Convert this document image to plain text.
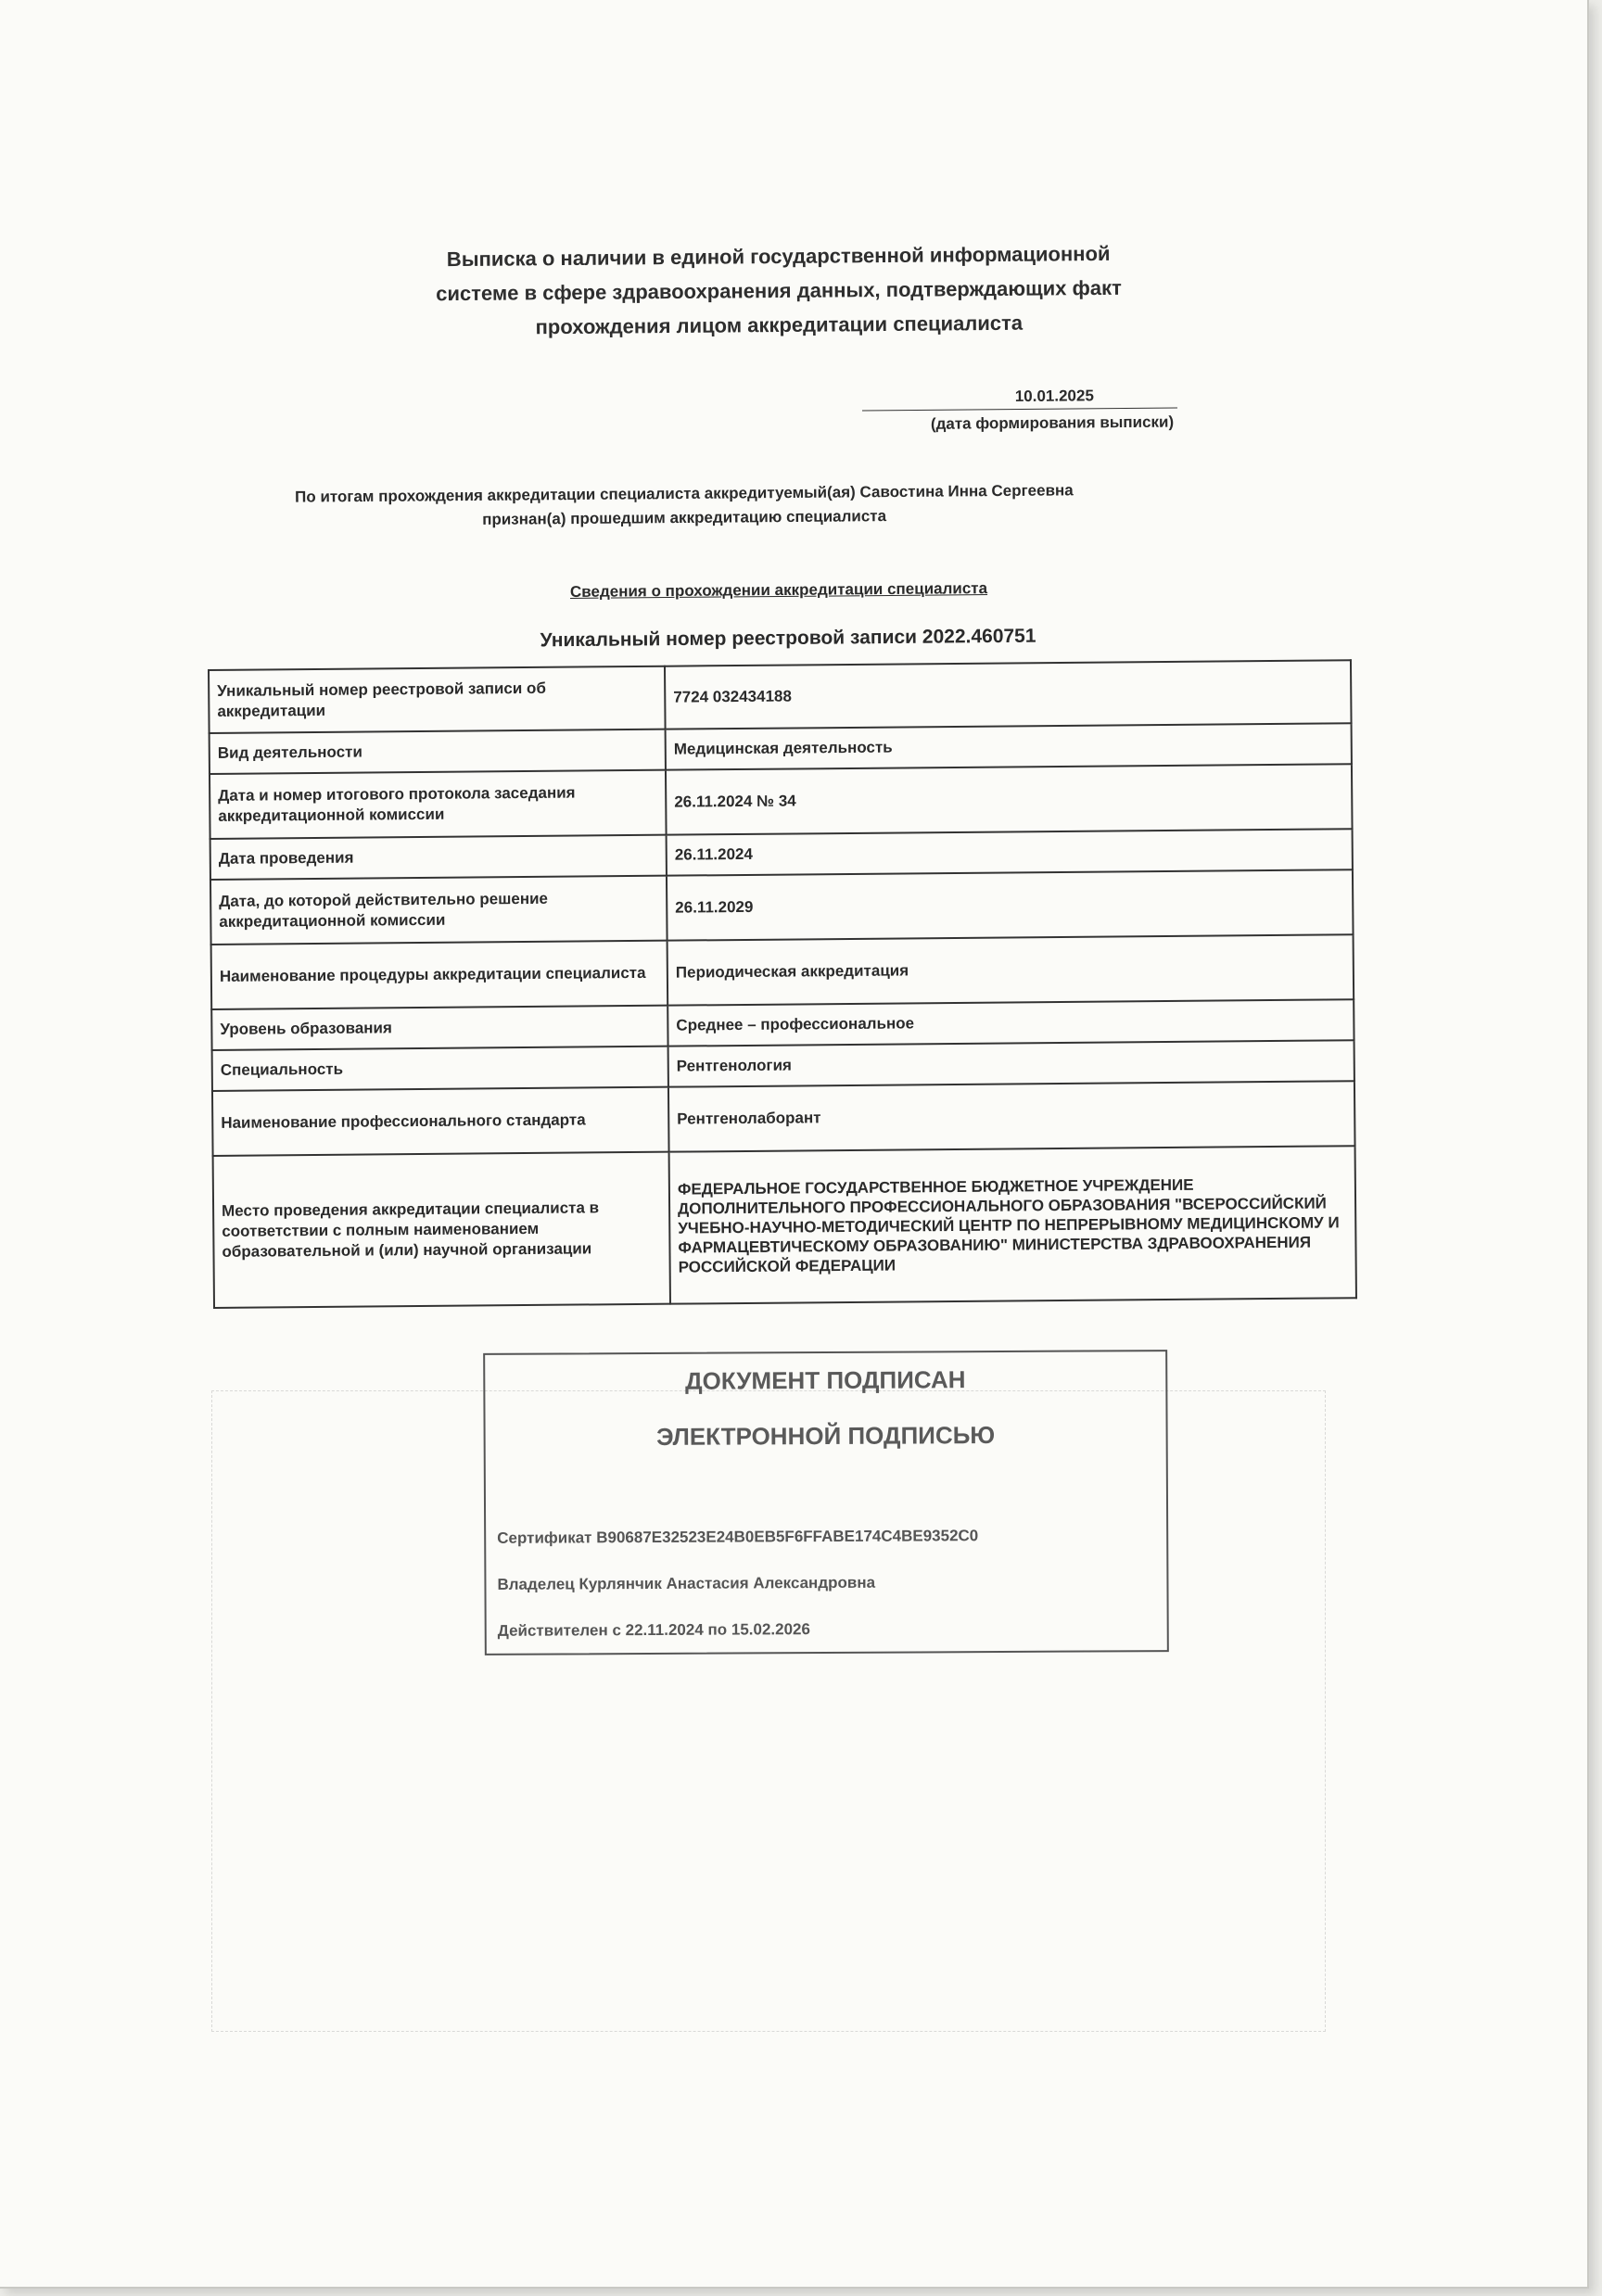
Выписка о наличии в единой государственной информационной
системе в сфере здравоохранения данных, подтверждающих факт
прохождения лицом аккредитации специалиста
10.01.2025
(дата формирования выписки)
По итогам прохождения аккредитации специалиста аккредитуемый(ая) Савостина Инна Сергеевна
признан(а) прошедшим аккредитацию специалиста
Сведения о прохождении аккредитации специалиста
Уникальный номер реестровой записи 2022.460751
Уникальный номер реестровой записи об аккредитации	7724 032434188
Вид деятельности	Медицинская деятельность
Дата и номер итогового протокола заседания аккредитационной комиссии	26.11.2024 № 34
Дата проведения	26.11.2024
Дата, до которой действительно решение аккредитационной комиссии	26.11.2029
Наименование процедуры аккредитации специалиста	Периодическая аккредитация
Уровень образования	Среднее – профессиональное
Специальность	Рентгенология
Наименование профессионального стандарта	Рентгенолаборант
Место проведения аккредитации специалиста в соответствии с полным наименованием образовательной и (или) научной организации	ФЕДЕРАЛЬНОЕ ГОСУДАРСТВЕННОЕ БЮДЖЕТНОЕ УЧРЕЖДЕНИЕ ДОПОЛНИТЕЛЬНОГО ПРОФЕССИОНАЛЬНОГО ОБРАЗОВАНИЯ "ВСЕРОССИЙСКИЙ УЧЕБНО-НАУЧНО-МЕТОДИЧЕСКИЙ ЦЕНТР ПО НЕПРЕРЫВНОМУ МЕДИЦИНСКОМУ И ФАРМАЦЕВТИЧЕСКОМУ ОБРАЗОВАНИЮ" МИНИСТЕРСТВА ЗДРАВООХРАНЕНИЯ РОССИЙСКОЙ ФЕДЕРАЦИИ
ДОКУМЕНТ ПОДПИСАН
ЭЛЕКТРОННОЙ ПОДПИСЬЮ
Сертификат B90687E32523E24B0EB5F6FFABE174C4BE9352C0
Владелец Курлянчик Анастасия Александровна
Действителен с 22.11.2024 по 15.02.2026
